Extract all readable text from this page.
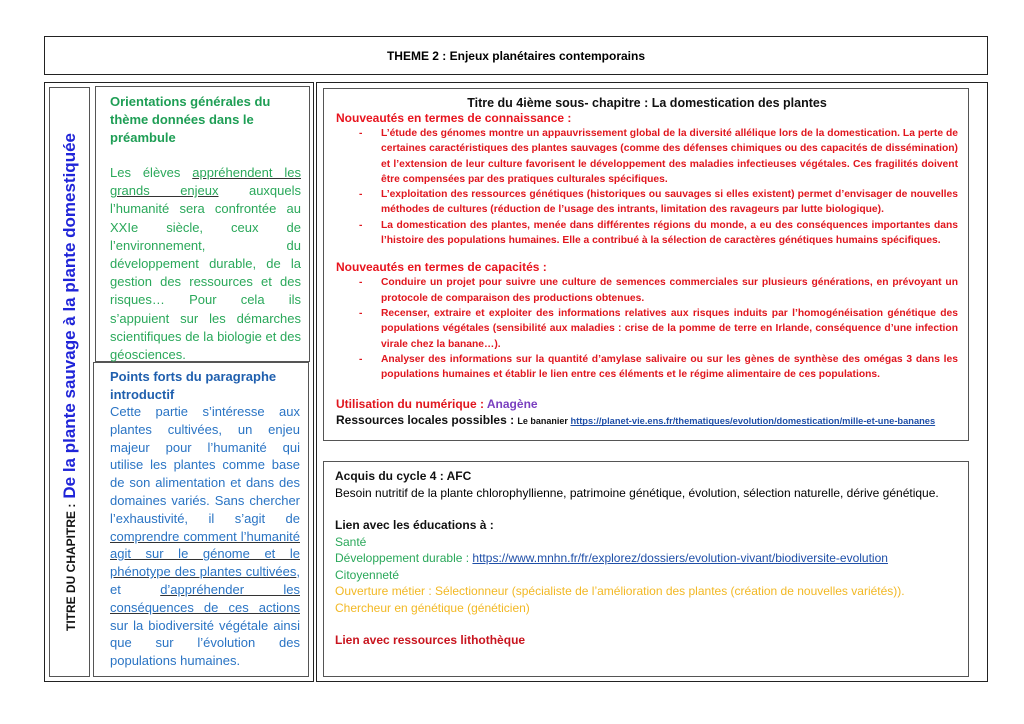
THEME 2 : Enjeux planétaires contemporains
TITRE DU CHAPITRE :
De la plante sauvage à la plante domestiquée
Orientations générales du thème données dans le préambule
Les élèves appréhendent les grands enjeux auxquels l’humanité sera confrontée au XXIe siècle, ceux de l’environnement, du développement durable, de la gestion des ressources et des risques… Pour cela ils s’appuient sur les démarches scientifiques de la biologie et des géosciences.
Points forts du paragraphe introductif
Cette partie s’intéresse aux plantes cultivées, un enjeu majeur pour l’humanité qui utilise les plantes comme base de son alimentation et dans des domaines variés. Sans chercher l’exhaustivité, il s’agit de comprendre comment l’humanité agit sur le génome et le phénotype des plantes cultivées, et d’appréhender les conséquences de ces actions sur la biodiversité végétale ainsi que sur l’évolution des populations humaines.
Titre du 4ième sous- chapitre : La domestication des plantes
Nouveautés en termes de connaissance :
- L’étude des génomes montre un appauvrissement global de la diversité allélique lors de la domestication. La perte de certaines caractéristiques des plantes sauvages (comme des défenses chimiques ou des capacités de dissémination) et l’extension de leur culture favorisent le développement des maladies infectieuses végétales. Ces fragilités doivent être compensées par des pratiques culturales spécifiques.
- L’exploitation des ressources génétiques (historiques ou sauvages si elles existent) permet d’envisager de nouvelles méthodes de cultures (réduction de l’usage des intrants, limitation des ravageurs par lutte biologique).
- La domestication des plantes, menée dans différentes régions du monde, a eu des conséquences importantes dans l’histoire des populations humaines. Elle a contribué à la sélection de caractères génétiques humains spécifiques.
Nouveautés en termes de capacités :
- Conduire un projet pour suivre une culture de semences commerciales sur plusieurs générations, en prévoyant un protocole de comparaison des productions obtenues.
- Recenser, extraire et exploiter des informations relatives aux risques induits par l’homogénéisation génétique des populations végétales (sensibilité aux maladies : crise de la pomme de terre en Irlande, conséquence d’une infection virale chez la banane…).
- Analyser des informations sur la quantité d’amylase salivaire ou sur les gènes de synthèse des omégas 3 dans les populations humaines et établir le lien entre ces éléments et le régime alimentaire de ces populations.
Utilisation du numérique : Anagène
Ressources locales possibles : Le bananier https://planet-vie.ens.fr/thematiques/evolution/domestication/mille-et-une-bananes
Acquis du cycle 4 : AFC
Besoin nutritif de la plante chlorophyllienne, patrimoine génétique, évolution, sélection naturelle, dérive génétique.
Lien avec les éducations à :
Santé
Développement durable : https://www.mnhn.fr/fr/explorez/dossiers/evolution-vivant/biodiversite-evolution
Citoyenneté
Ouverture métier : Sélectionneur (spécialiste de l’amélioration des plantes (création de nouvelles variétés)).
Chercheur en génétique (généticien)
Lien avec ressources lithothèque
